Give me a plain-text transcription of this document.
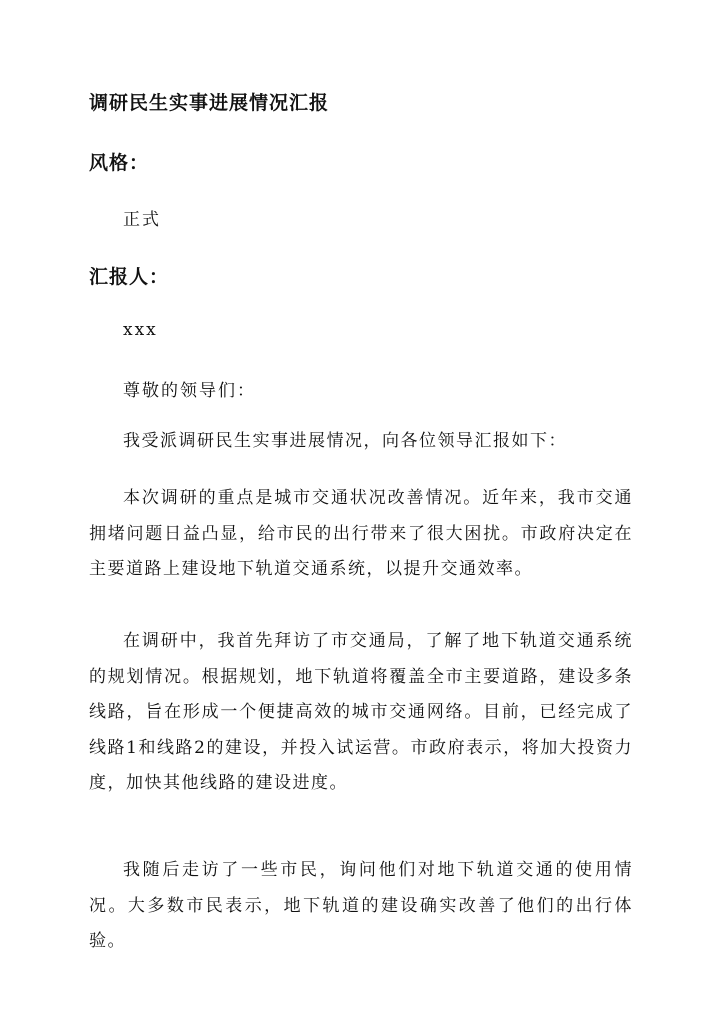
调研民生实事进展情况汇报
风格：

正式

汇报人：

xxx

尊敬的领导们：

我受派调研民生实事进展情况，向各位领导汇报如下：

本次调研的重点是城市交通状况改善情况。近年来，我市交通拥堵问题日益凸显，给市民的出行带来了很大困扰。市政府决定在主要道路上建设地下轨道交通系统，以提升交通效率。

在调研中，我首先拜访了市交通局，了解了地下轨道交通系统的规划情况。根据规划，地下轨道将覆盖全市主要道路，建设多条线路，旨在形成一个便捷高效的城市交通网络。目前，已经完成了线路1和线路2的建设，并投入试运营。市政府表示，将加大投资力度，加快其他线路的建设进度。

我随后走访了一些市民，询问他们对地下轨道交通的使用情况。大多数市民表示，地下轨道的建设确实改善了他们的出行体验。
